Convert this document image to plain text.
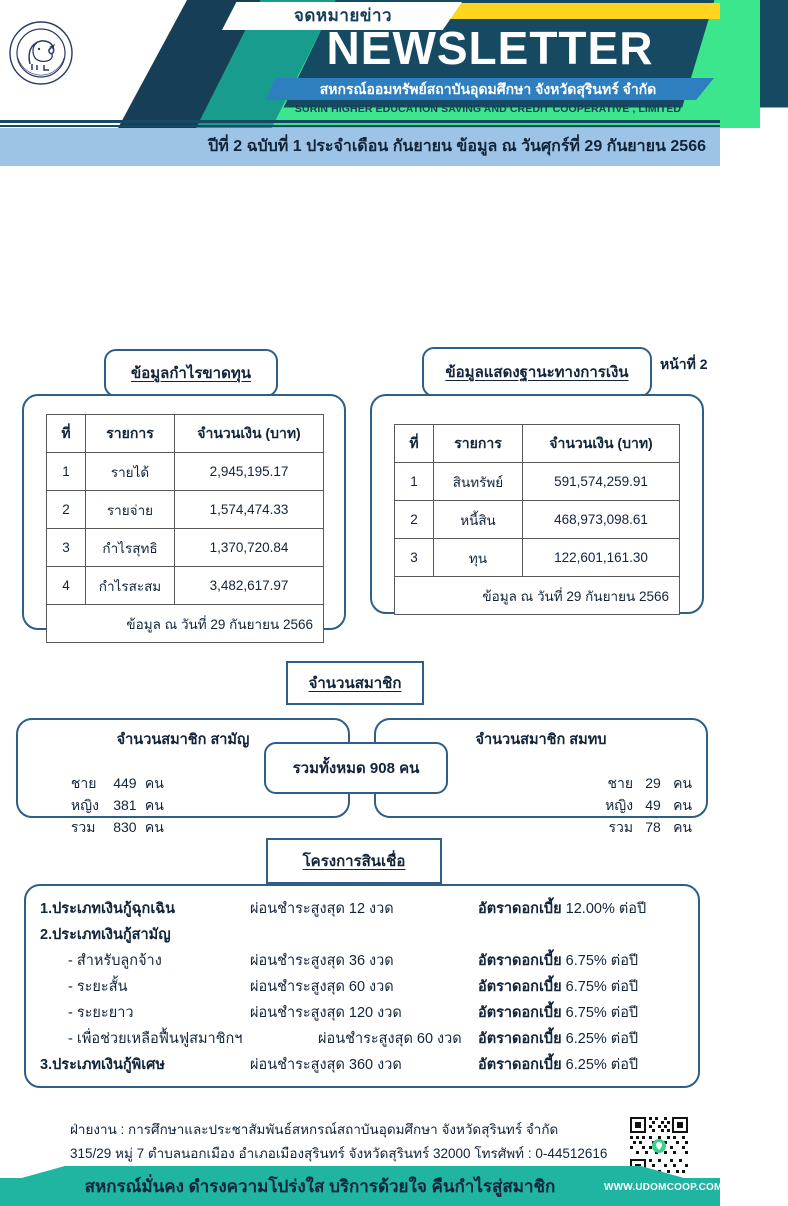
จดหมายข่าว
NEWSLETTER
สหกรณ์ออมทรัพย์สถาบันอุดมศึกษา จังหวัดสุรินทร์ จำกัด
SURIN HIGHER EDUCATION SAVING AND CREDIT COOPERATIVE , LIMITED
ปีที่ 2 ฉบับที่ 1 ประจำเดือน กันยายน ข้อมูล ณ วันศุกร์ที่ 29 กันยายน 2566
ข้อมูลกำไรขาดทุน	ข้อมูลแสดงฐานะทางการเงิน หน้าที่ 2
ที่	รายการ	จำนวนเงิน (บาท)
1	รายได้	2,945,195.17
2	รายจ่าย	1,574,474.33
3	กำไรสุทธิ	1,370,720.84
4	กำไรสะสม	3,482,617.97
ข้อมูล ณ วันที่ 29 กันยายน 2566		
ที่	รายการ	จำนวนเงิน (บาท)
1	สินทรัพย์	591,574,259.91
2	หนี้สิน	468,973,098.61
3	ทุน	122,601,161.30
ข้อมูล ณ วันที่ 29 กันยายน 2566		
จำนวนสมาชิก
จำนวนสมาชิก สามัญ

ชาย 449 คน

หญิง 381 คน

รวม 830 คน

จำนวนสมาชิก สมทบ

ชาย 29 คน

หญิง 49 คน

รวม 78 คน

รวมทั้งหมด 908 คน
โครงการสินเชื่อ
1.ประเภทเงินกู้ฉุกเฉิน	ผ่อนชำระสูงสุด 12 งวด	อัตราดอกเบี้ย 12.00% ต่อปี
2.ประเภทเงินกู้สามัญ
- สำหรับลูกจ้าง	ผ่อนชำระสูงสุด 36 งวด	อัตราดอกเบี้ย 6.75% ต่อปี
- ระยะสั้น	ผ่อนชำระสูงสุด 60 งวด	อัตราดอกเบี้ย 6.75% ต่อปี
- ระยะยาว	ผ่อนชำระสูงสุด 120 งวด	อัตราดอกเบี้ย 6.75% ต่อปี
- เพื่อช่วยเหลือฟื้นฟูสมาชิกฯ	ผ่อนชำระสูงสุด 60 งวด	อัตราดอกเบี้ย 6.25% ต่อปี
3.ประเภทเงินกู้พิเศษ	ผ่อนชำระสูงสุด 360 งวด	อัตราดอกเบี้ย 6.25% ต่อปี
ฝ่ายงาน : การศึกษาและประชาสัมพันธ์สหกรณ์สถาบันอุดมศึกษา จังหวัดสุรินทร์ จำกัด
315/29 หมู่ 7 ตำบลนอกเมือง อำเภอเมืองสุรินทร์ จังหวัดสุรินทร์ 32000 โทรศัพท์ : 0-44512616
สหกรณ์มั่นคง ดำรงความโปร่งใส บริการด้วยใจ คืนกำไรสู่สมาชิก	WWW.UDOMCOOP.COM
